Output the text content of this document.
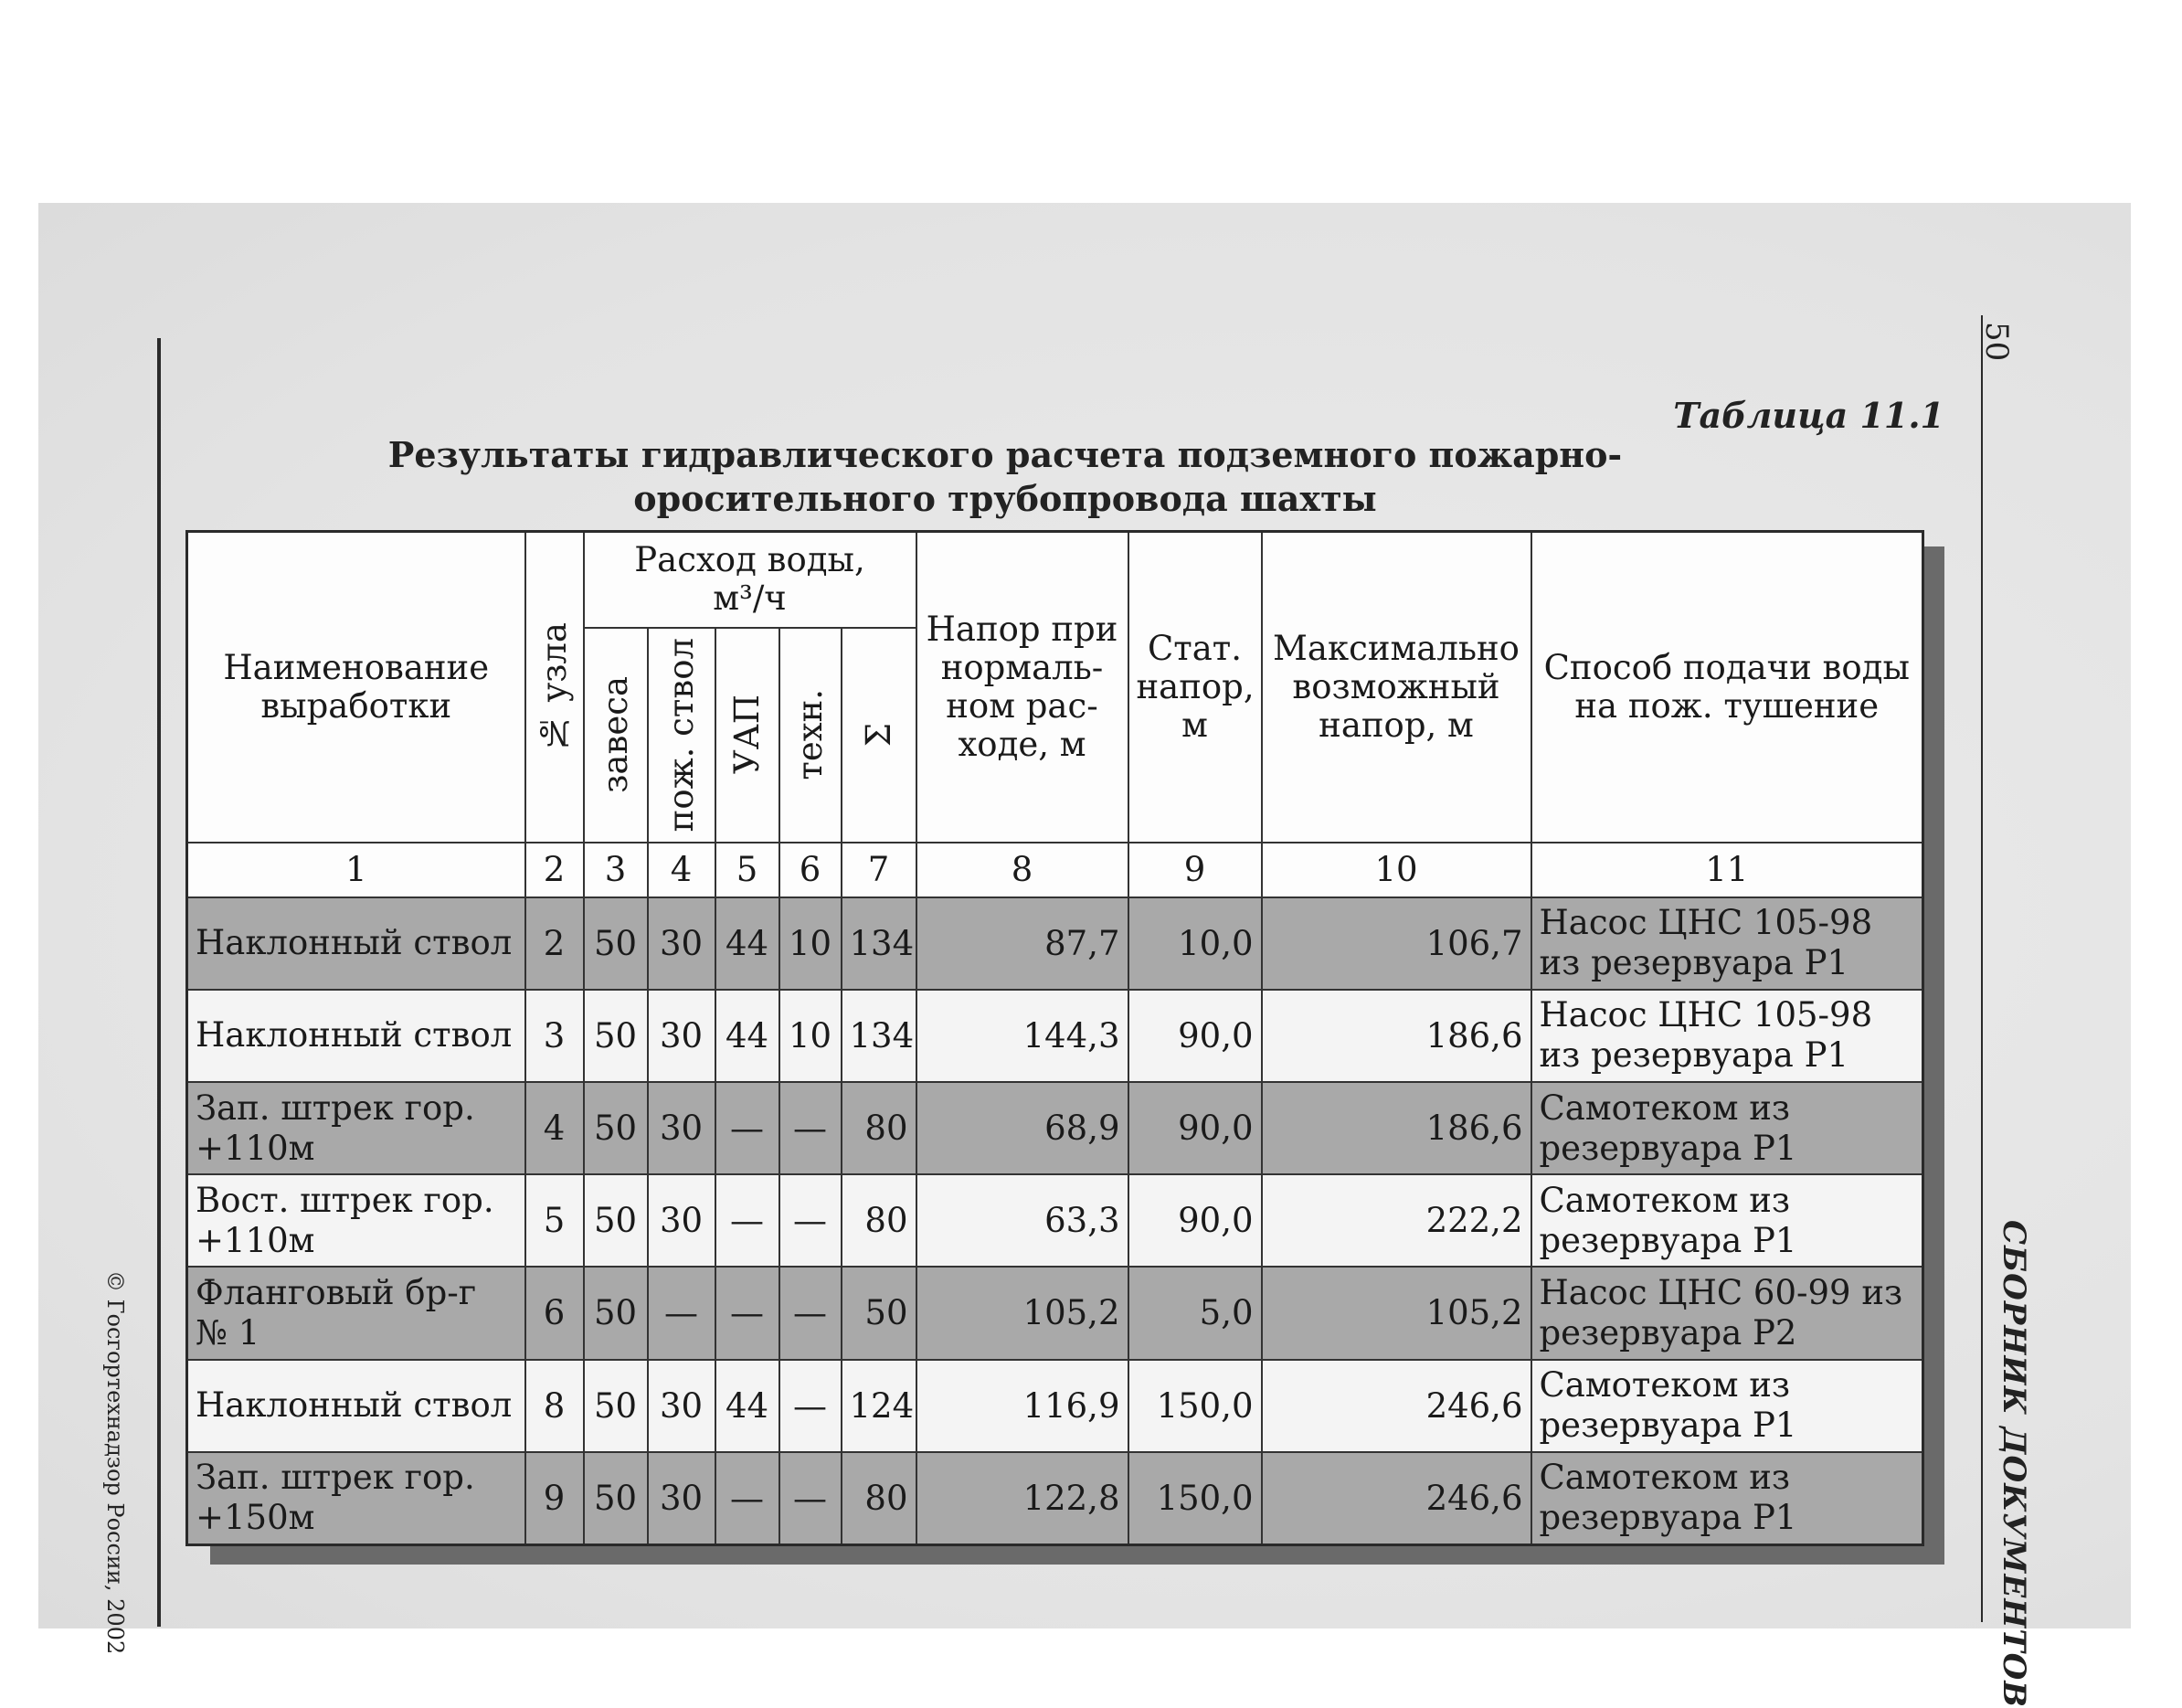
© Госгортехнадзор России, 2002
50
СБОРНИК ДОКУМЕНТОВ
Таблица 11.1
Результаты гидравлического расчета подземного пожарно-
оросительного трубопровода шахты
Наименование выработки	№ узла	Расход воды,
м³/ч					Напор при нормаль- ном рас- ходе, м	Стат. напор, м	Максимально возможный напор, м	Способ подачи воды на пож. тушение

		завеса	пож. ствол	УАП	техн.	Σ				

1	2	3	4	5	6	7	8	9	10	11
Наклонный ствол	2	50	30	44	10	134	87,7	10,0	106,7	Насос ЦНС 105-98 из резервуара Р1
Наклонный ствол	3	50	30	44	10	134	144,3	90,0	186,6	Насос ЦНС 105-98 из резервуара Р1
Зап. штрек гор. +110м	4	50	30	—	—	80	68,9	90,0	186,6	Самотеком из резервуара Р1
Вост. штрек гор. +110м	5	50	30	—	—	80	63,3	90,0	222,2	Самотеком из резервуара Р1
Фланговый бр-г № 1	6	50	—	—	—	50	105,2	5,0	105,2	Насос ЦНС 60-99 из резервуара Р2
Наклонный ствол	8	50	30	44	—	124	116,9	150,0	246,6	Самотеком из резервуара Р1
Зап. штрек гор. +150м	9	50	30	—	—	80	122,8	150,0	246,6	Самотеком из резервуара Р1
